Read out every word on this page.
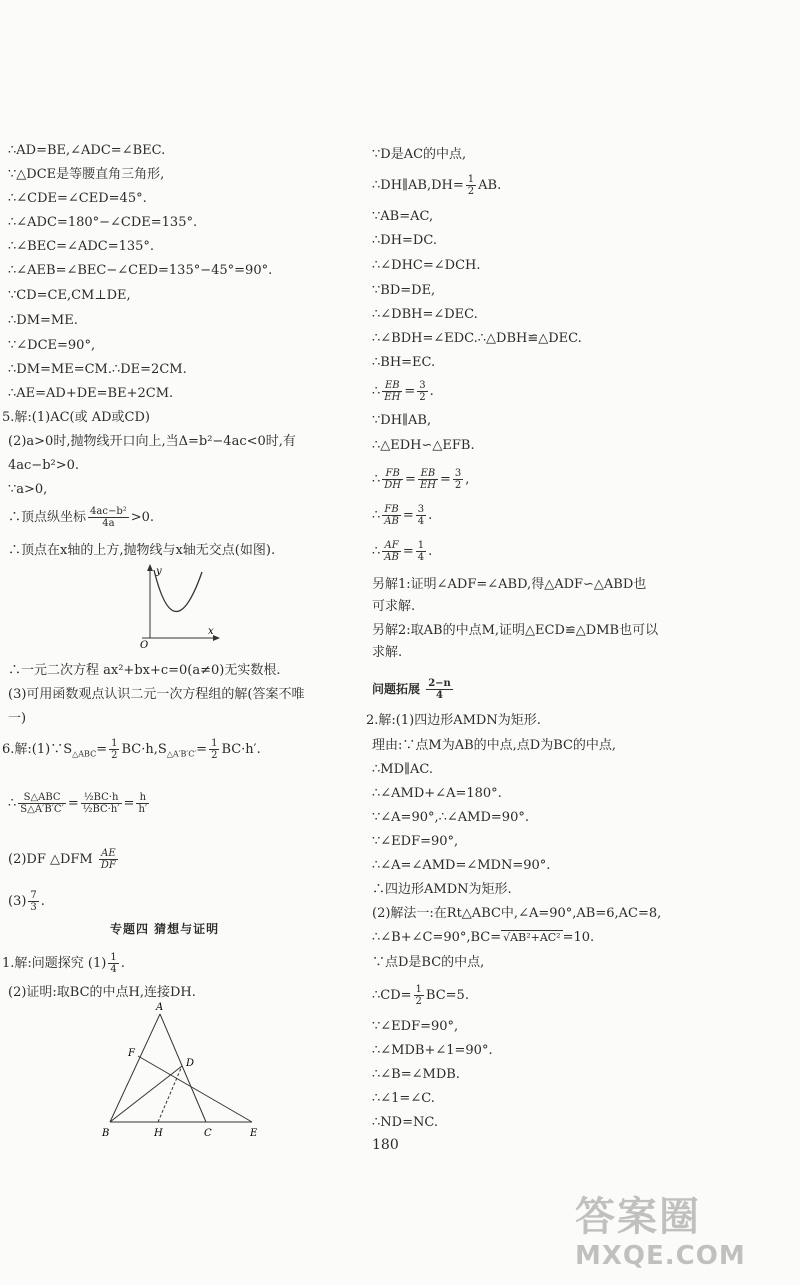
∴AD=BE,∠ADC=∠BEC.
∵△DCE是等腰直角三角形,
∴∠CDE=∠CED=45°.
∴∠ADC=180°−∠CDE=135°.
∴∠BEC=∠ADC=135°.
∴∠AEB=∠BEC−∠CED=135°−45°=90°.
∵CD=CE,CM⊥DE,
∴DM=ME.
∵∠DCE=90°,
∴DM=ME=CM.∴DE=2CM.
∴AE=AD+DE=BE+2CM.
5.解:(1)AC(或 AD或CD)
(2)a>0时,抛物线开口向上,当Δ=b²−4ac<0时,有
4ac−b²>0.
∵a>0,
∴顶点纵坐标 $\frac{\text{4ac−b²}}{4a} >0$.
∴顶点在x轴的上方,抛物线与x轴无交点(如图).
y
x
O
∴一元二次方程 ax²+bx+c=0(a≠0)无实数根.
(3)可用函数观点认识二元一次方程组的解(答案不唯
一)
6.解$:(1)\because S_{\triangle ABC}= \frac{1}{2} BC\cdot h,S_{\triangle A'B'C'}= \frac{1}{2} BC\cdot h'$.
∴ $\frac{\text{S△ABC}}{S\triangle A'B'C'} = \frac{\text{½BC·h}}{\text{½BC·h′}} = \frac{h}{h'}$
(2)DF △DFM $\frac{AE}{DF}$
$(3) \frac{7}{3}$ .
1.解:问题探究 $(1) \frac{1}{4}$ .
(2)证明:取BC的中点H,连接DH.
A
F
D
B	H	C	E
专题四 猜想与证明
∵D是AC的中点,
∴DH∥AB,DH= $\frac{1}{2}$ AB.
∵AB=AC,
∴DH=DC.
∴∠DHC=∠DCH.
∵BD=DE,
∴∠DBH=∠DEC.
∴∠BDH=∠EDC.∴△DBH≌△DEC.
∴BH=EC.
∴ $\frac{EB}{EH} = \frac{3}{2}$ .
∵DH∥AB,
∴△EDH∽△EFB.
∴ $\frac{FB}{DH} = \frac{EB}{EH} = \frac{3}{2}$ ,
∴ $\frac{FB}{AB} = \frac{3}{4}$ .
∴ $\frac{AF}{AB} = \frac{1}{4}$ .
另解1:证明∠ADF=∠ABD,得△ADF∽△ABD也
可求解.
另解2:取AB的中点M,证明△ECD≌△DMB也可以
求解.
问题拓展 $\frac{2-n}{4}$
2.解:(1)四边形AMDN为矩形.
理由:∵点M为AB的中点,点D为BC的中点,
∴MD∥AC.
∴∠AMD+∠A=180°.
∵∠A=90°,∴∠AMD=90°.
∵∠EDF=90°,
∴∠A=∠AMD=∠MDN=90°.
∴四边形AMDN为矩形.
(2)解法一:在Rt△ABC中,∠A=90°,AB=6,AC=8,
∴∠B+∠C=90°,BC= √AB²+AC² =10.
∵点D是BC的中点,
∴CD= $\frac{1}{2} BC=5$.
∵∠EDF=90°,
∴∠MDB+∠1=90°.
∴∠B=∠MDB.
∴∠1=∠C.
∴ND=NC.
180
答案圈
MXQE.COM
